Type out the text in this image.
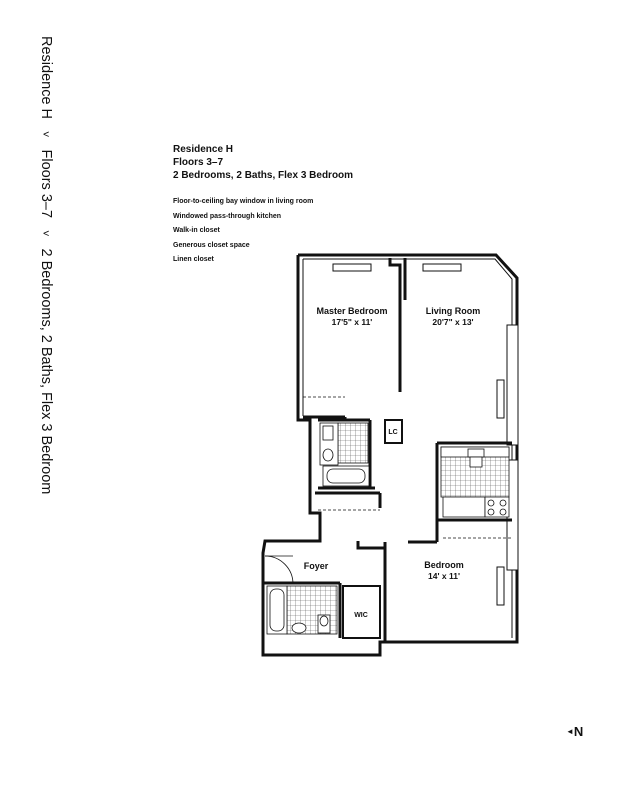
Residence H ˅ Floors 3–7 ˅ 2 Bedrooms, 2 Baths, Flex 3 Bedroom
Residence H
Floors 3–7
2 Bedrooms, 2 Baths, Flex 3 Bedroom
Floor-to-ceiling bay window in living room
Windowed pass-through kitchen
Walk-in closet
Generous closet space
Linen closet
Master Bedroom
17'5" x 11'
Living Room
20'7" x 13'
Bedroom
14' x 11'
Foyer
WIC
LC
◄N
